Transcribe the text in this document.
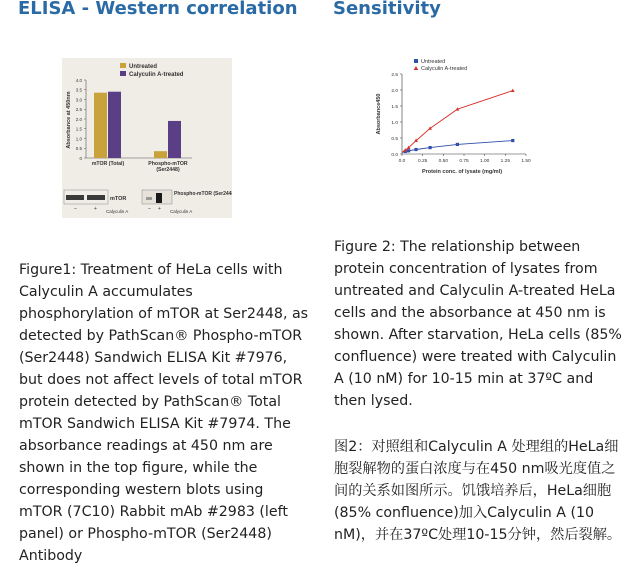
ELISA - Western correlation	Sensitivity
Untreated
Calyculin A-treated
0
0.5
1.0
1.5
2.0
2.5
3.0
3.5
4.0
Absorbance at 450nm
mTOR (Total)	Phospho-mTOR (Ser2448)
mTOR
–	+ Calyculin A
Phospho-mTOR (Ser2448)
– + Calyculin A
Untreated
Calyculin A-treated
0.0
0.5
1.0
1.5
2.0
2.5
0.0	0.25 0.50 0.75 1.00 1.25 1.50
Absorbance450
Protein conc. of lysate (mg/ml)

Figure1: Treatment of HeLa cells with Calyculin A accumulates phosphorylation of mTOR at Ser2448, as detected by PathScan® Phospho-mTOR (Ser2448) Sandwich ELISA Kit #7976, but does not affect levels of total mTOR protein detected by PathScan® Total mTOR Sandwich ELISA Kit #7974. The absorbance readings at 450 nm are shown in the top figure, while the corresponding western blots using mTOR (7C10) Rabbit mAb #2983 (left panel) or Phospho-mTOR (Ser2448) Antibody

Figure 2: The relationship between protein concentration of lysates from untreated and Calyculin A-treated HeLa cells and the absorbance at 450 nm is shown. After starvation, HeLa cells (85% confluence) were treated with Calyculin A (10 nM) for 10-15 min at 37ºC and then lysed.

图2：对照组和Calyculin A 处理组的HeLa细胞裂解物的蛋白浓度与在450 nm吸光度值之间的关系如图所示。饥饿培养后，HeLa细胞(85% confluence)加入Calyculin A (10 nM)，并在37ºC处理10-15分钟，然后裂解。
